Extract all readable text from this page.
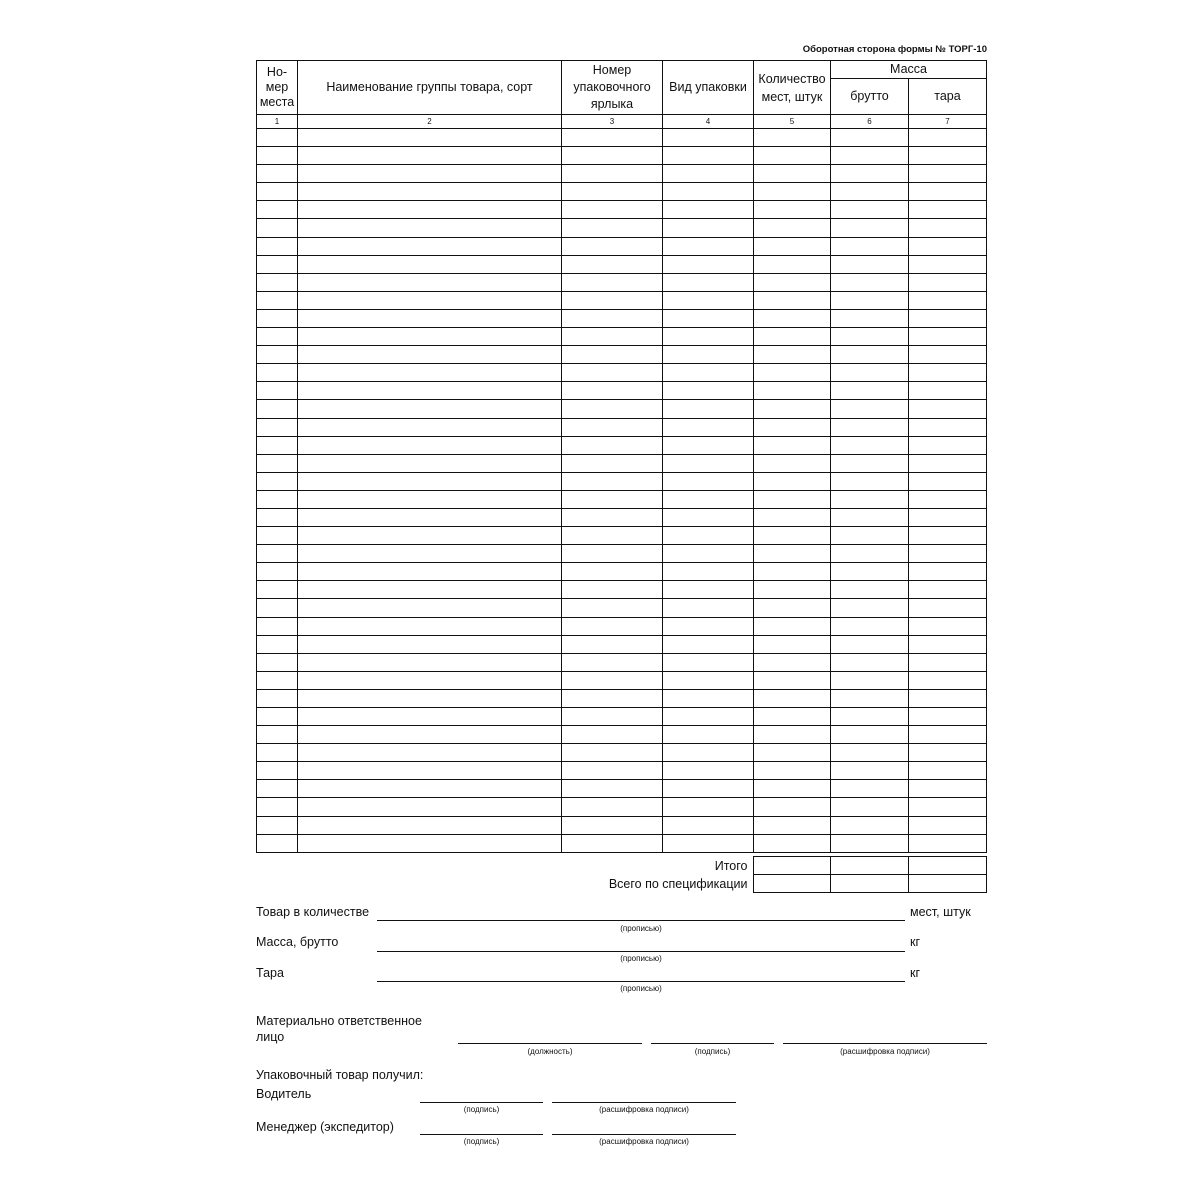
Оборотная сторона формы № ТОРГ-10
Но-
мер
места	Наименование группы товара, сорт	Номер
упаковочного
ярлыка	Вид упаковки	Количество
мест, штук	Масса	
					брутто	тара
1	2	3	4	5	6	7

Итого			
Всего по спецификации			
Товар в количестве	мест, штук
(прописью)
Масса, брутто	кг
(прописью)
Тара	кг
(прописью)
Материально ответственное
лицо
(должность)	(подпись)	(расшифровка подписи)
Упаковочный товар получил:
Водитель
(подпись)	(расшифровка подписи)
Менеджер (экспедитор)
(подпись)	(расшифровка подписи)
